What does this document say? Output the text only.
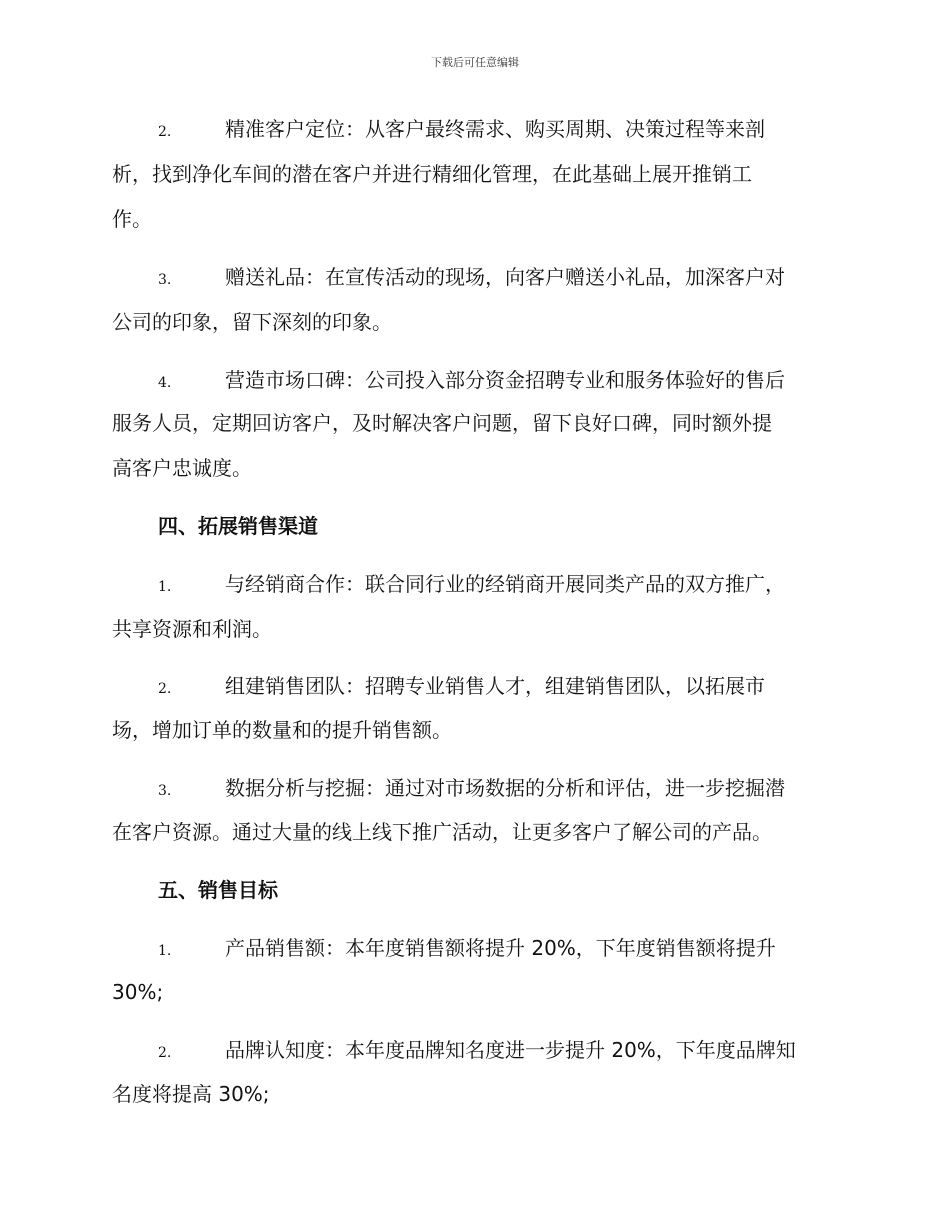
下载后可任意编辑
2.	精准客户定位：从客户最终需求、购买周期、决策过程等来剖
析，找到净化车间的潜在客户并进行精细化管理，在此基础上展开推销工
作。
3.	赠送礼品：在宣传活动的现场，向客户赠送小礼品，加深客户对
公司的印象，留下深刻的印象。
4.	营造市场口碑：公司投入部分资金招聘专业和服务体验好的售后
服务人员，定期回访客户，及时解决客户问题，留下良好口碑，同时额外提
高客户忠诚度。
四、拓展销售渠道
1.	与经销商合作：联合同行业的经销商开展同类产品的双方推广，
共享资源和利润。
2.	组建销售团队：招聘专业销售人才，组建销售团队，以拓展市
场，增加订单的数量和的提升销售额。
3.	数据分析与挖掘：通过对市场数据的分析和评估，进一步挖掘潜
在客户资源。通过大量的线上线下推广活动，让更多客户了解公司的产品。
五、销售目标
1.	产品销售额：本年度销售额将提升 20%，下年度销售额将提升
30%;
2.	品牌认知度：本年度品牌知名度进一步提升 20%，下年度品牌知
名度将提高 30%;
